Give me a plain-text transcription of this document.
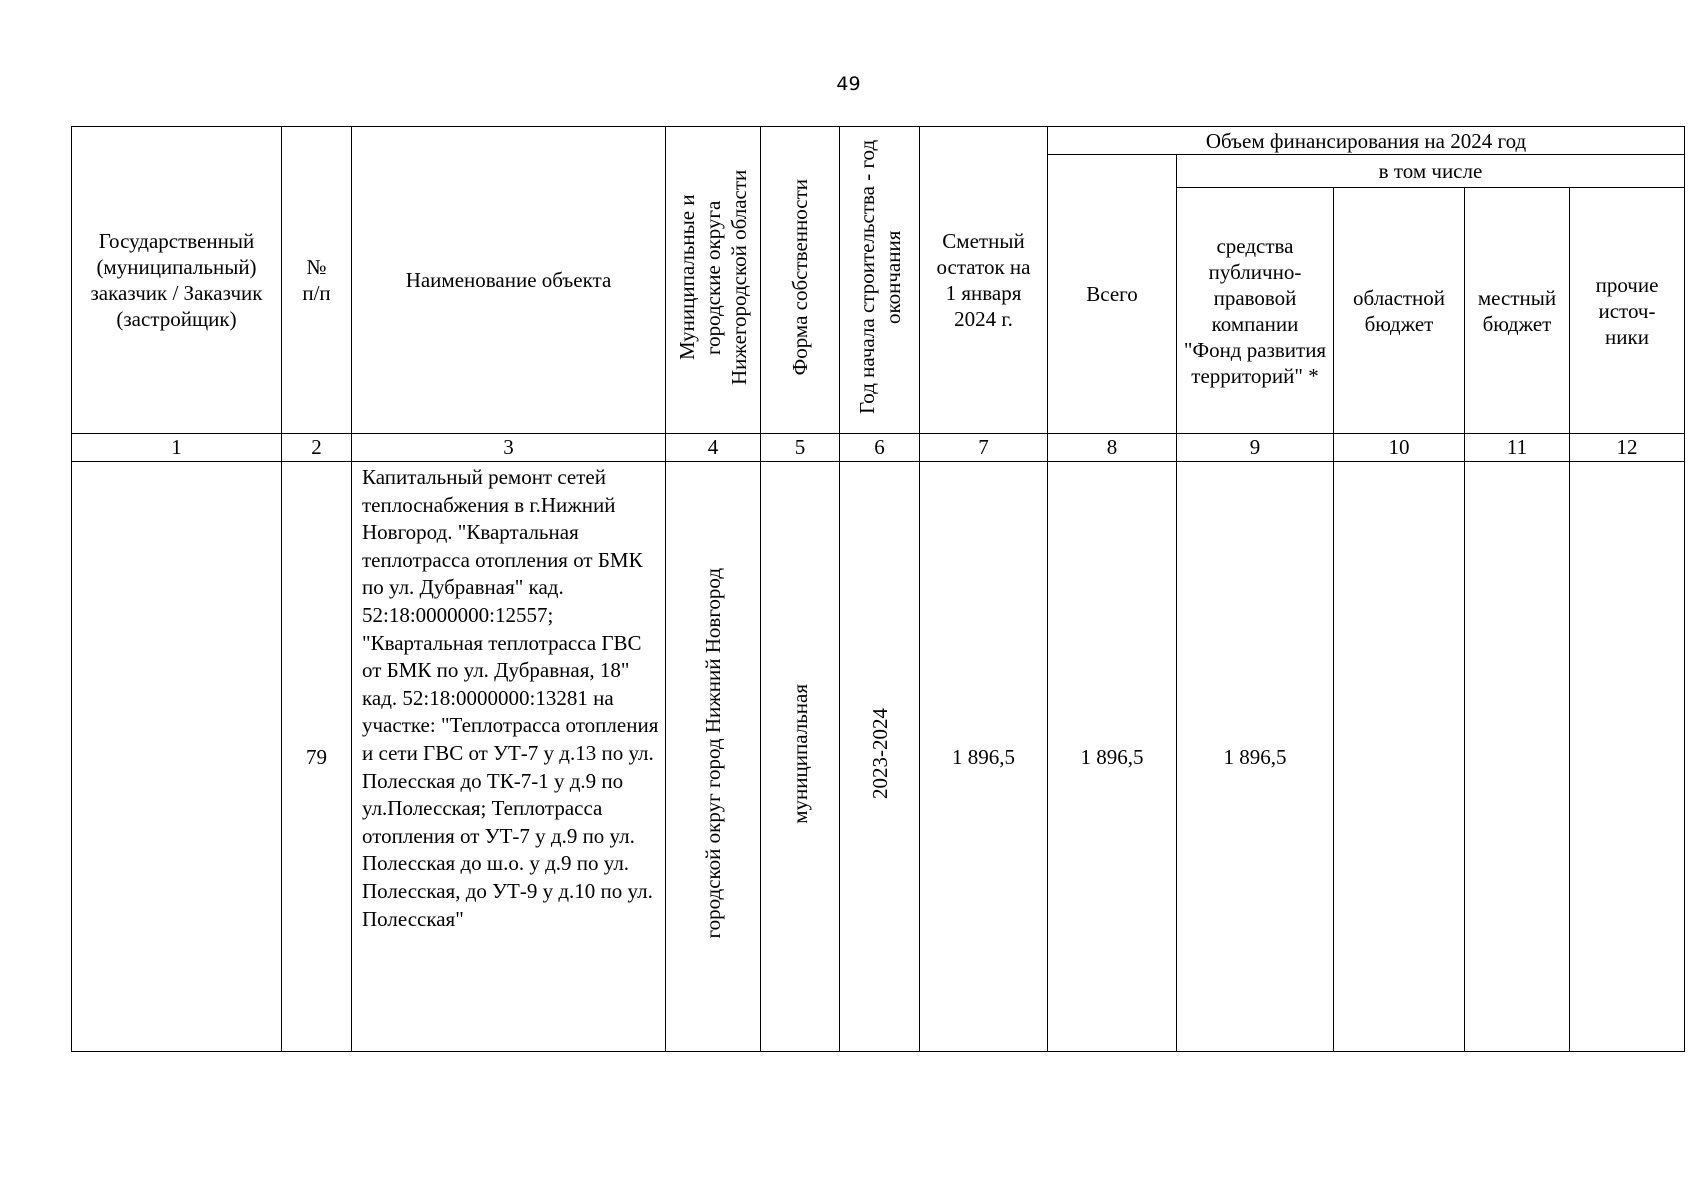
49
Государственный (муниципальный) заказчик / Заказчик (застройщик)	№ п/п	Наименование объекта	Муниципальные и городские округа Нижегородской области	Форма собственности	Год начала строительства - год окончания	Сметный остаток на 1 января 2024 г.	Объем финансирования на 2024 год				
							Всего	в том числе			

								средства публично-правовой компании "Фонд развития территорий" *	областной бюджет	местный бюджет	прочие источ-ники

1	2	3	4	5	6	7	8	9	10	11	12
	79	Капитальный ремонт сетей теплоснабжения в г.Нижний Новгород. "Квартальная теплотрасса отопления от БМК по ул. Дубравная" кад. 52:18:0000000:12557; "Квартальная теплотрасса ГВС от БМК по ул. Дубравная, 18" кад. 52:18:0000000:13281 на участке: "Теплотрасса отопления и сети ГВС от УТ-7 у д.13 по ул. Полесская до ТК-7-1 у д.9 по ул.Полесская; Теплотрасса отопления от УТ-7 у д.9 по ул. Полесская до ш.о. у д.9 по ул. Полесская, до УТ-9 у д.10 по ул. Полесская"	городской округ город Нижний Новгород	муниципальная	2023-2024	1 896,5	1 896,5	1 896,5			
